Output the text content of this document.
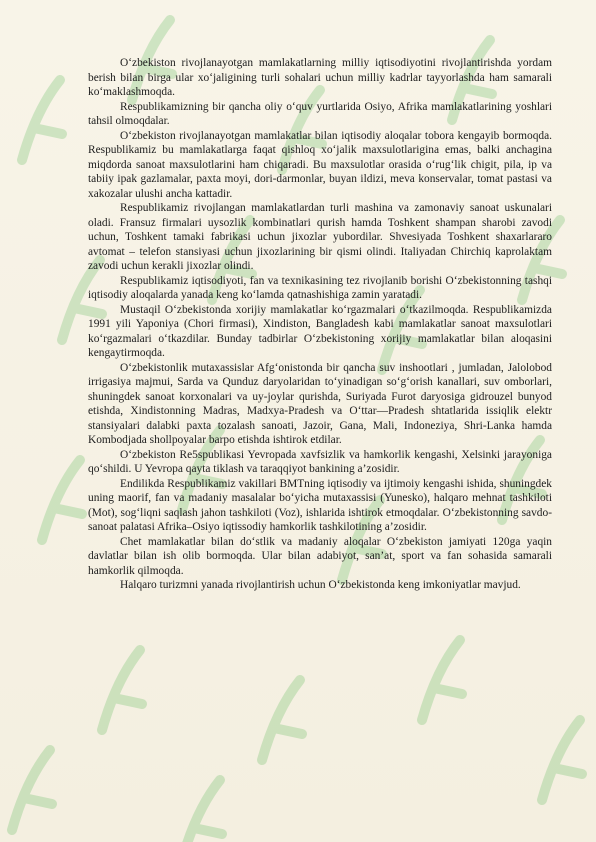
O‘zbekiston rivojlanayotgan mamlakatlarning milliy iqtisodiyotini rivojlantirishda yordam berish bilan birga ular xo‘jaligining turli sohalari uchun milliy kadrlar tayyorlashda ham samarali ko‘maklashmoqda.

Respublikamizning bir qancha oliy o‘quv yurtlarida Osiyo, Afrika mamlakatlarining yoshlari tahsil olmoqdalar.

O‘zbekiston rivojlanayotgan mamlakatlar bilan iqtisodiy aloqalar tobora kengayib bormoqda. Respublikamiz bu mamlakatlarga faqat qishloq xo‘jalik maxsulotlarigina emas, balki anchagina miqdorda sanoat maxsulotlarini ham chiqaradi. Bu maxsulotlar orasida o‘rug‘lik chigit, pila, ip va tabiiy ipak gazlamalar, paxta moyi, dori-darmonlar, buyan ildizi, meva konservalar, tomat pastasi va xakozalar ulushi ancha kattadir.

Respublikamiz rivojlangan mamlakatlardan turli mashina va zamonaviy sanoat uskunalari oladi. Fransuz firmalari uysozlik kombinatlari qurish hamda Toshkent shampan sharobi zavodi uchun, Toshkent tamaki fabrikasi uchun jixozlar yubordilar. Shvesiyada Toshkent shaxarlararo avtomat – telefon stansiyasi uchun jixozlarining bir qismi olindi. Italiyadan Chirchiq kaprolaktam zavodi uchun kerakli jixozlar olindi.

Respublikamiz iqtisodiyoti, fan va texnikasining tez rivojlanib borishi O‘zbekistonning tashqi iqtisodiy aloqalarda yanada keng ko‘lamda qatnashishiga zamin yaratadi.

Mustaqil O‘zbekistonda xorijiy mamlakatlar ko‘rgazmalari o‘tkazilmoqda. Respublikamizda 1991 yili Yaponiya (Chori firmasi), Xindiston, Bangladesh kabi mamlakatlar sanoat maxsulotlari ko‘rgazmalari o‘tkazdilar. Bunday tadbirlar O‘zbekistoning xorijiy mamlakatlar bilan aloqasini kengaytirmoqda.

O‘zbekistonlik mutaxassislar Afg‘onistonda bir qancha suv inshootlari , jumladan, Jalolobod irrigasiya majmui, Sarda va Qunduz daryolaridan to‘yinadigan so‘g‘orish kanallari, suv omborlari, shuningdek sanoat korxonalari va uy-joylar qurishda, Suriyada Furot daryosiga gidrouzel bunyod etishda, Xindistonning Madras, Madxya-Pradesh va O‘ttar—Pradesh shtatlarida issiqlik elektr stansiyalari dalabki paxta tozalash sanoati, Jazoir, Gana, Mali, Indoneziya, Shri-Lanka hamda Kombodjada shollpoyalar barpo etishda ishtirok etdilar.

O‘zbekiston Re5spublikasi Yevropada xavfsizlik va hamkorlik kengashi, Xelsinki jarayoniga qo‘shildi. U Yevropa qayta tiklash va taraqqiyot bankining a’zosidir.

Endilikda Respublikamiz vakillari BMTning iqtisodiy va ijtimoiy kengashi ishida, shuningdek uning maorif, fan va madaniy masalalar bo‘yicha mutaxassisi (Yunesko), halqaro mehnat tashkiloti (Mot), sog‘liqni saqlash jahon tashkiloti (Voz), ishlarida ishtirok etmoqdalar. O‘zbekistonning savdo-sanoat palatasi Afrika–Osiyo iqtissodiy hamkorlik tashkilotining a’zosidir.

Chet mamlakatlar bilan do‘stlik va madaniy aloqalar O‘zbekiston jamiyati 120ga yaqin davlatlar bilan ish olib bormoqda. Ular bilan adabiyot, san’at, sport va fan sohasida samarali hamkorlik qilmoqda.

Halqaro turizmni yanada rivojlantirish uchun O‘zbekistonda keng imkoniyatlar mavjud.
